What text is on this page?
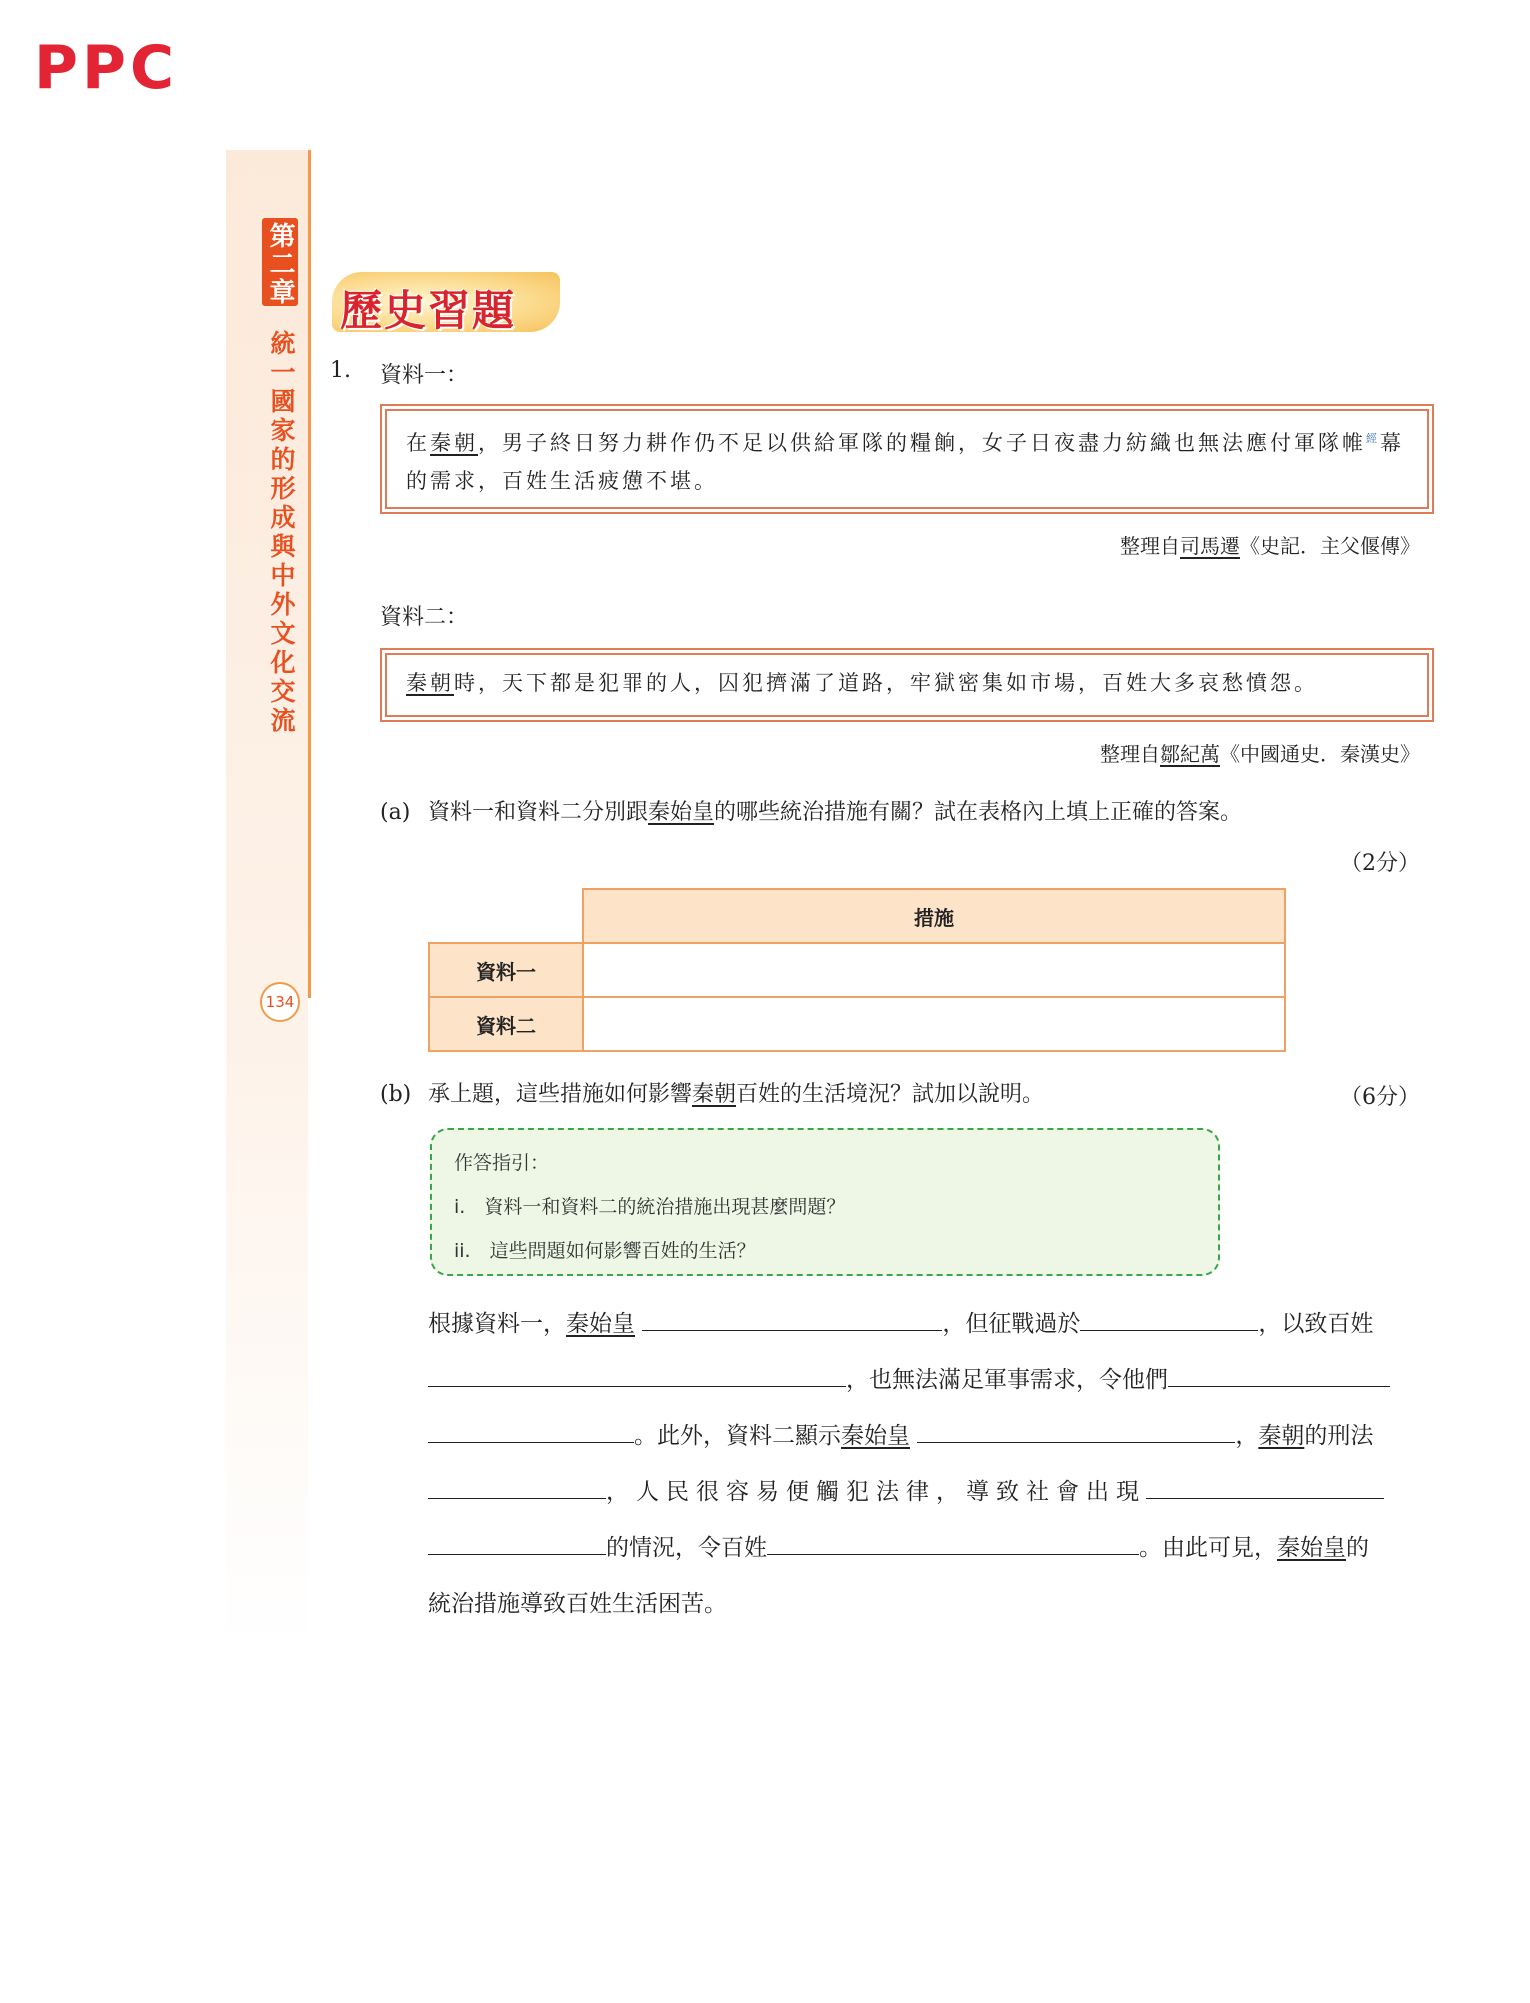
PPC
第二章
統一國家的形成與中外文化交流
134
歷史習題
1. 資料一：
在秦朝，男子終日努力耕作仍不足以供給軍隊的糧餉，女子日夜盡力紡織也無法應付軍隊帷$^經$幕的需求，百姓生活疲憊不堪。
整理自司馬遷《史記．主父偃傳》
資料二：
秦朝時，天下都是犯罪的人，囚犯擠滿了道路，牢獄密集如市場，百姓大多哀愁憤怨。
整理自鄒紀萬《中國通史．秦漢史》
(a) 資料一和資料二分別跟秦始皇的哪些統治措施有關？試在表格內上填上正確的答案。
（2分）
	措施
資料一	
資料二	
(b) 承上題，這些措施如何影響秦朝百姓的生活境況？試加以說明。	（6分）
作答指引：
i.　資料一和資料二的統治措施出現甚麼問題？
ii.　這些問題如何影響百姓的生活？
根據資料一，秦始皇	，但征戰過於	，以致百姓
，也無法滿足軍事需求，令他們
。此外，資料二顯示秦始皇	，秦朝的刑法
，人民很容易便觸犯法律，導致社會出現
的情況，令百姓	。由此可見，秦始皇的
統治措施導致百姓生活困苦。
